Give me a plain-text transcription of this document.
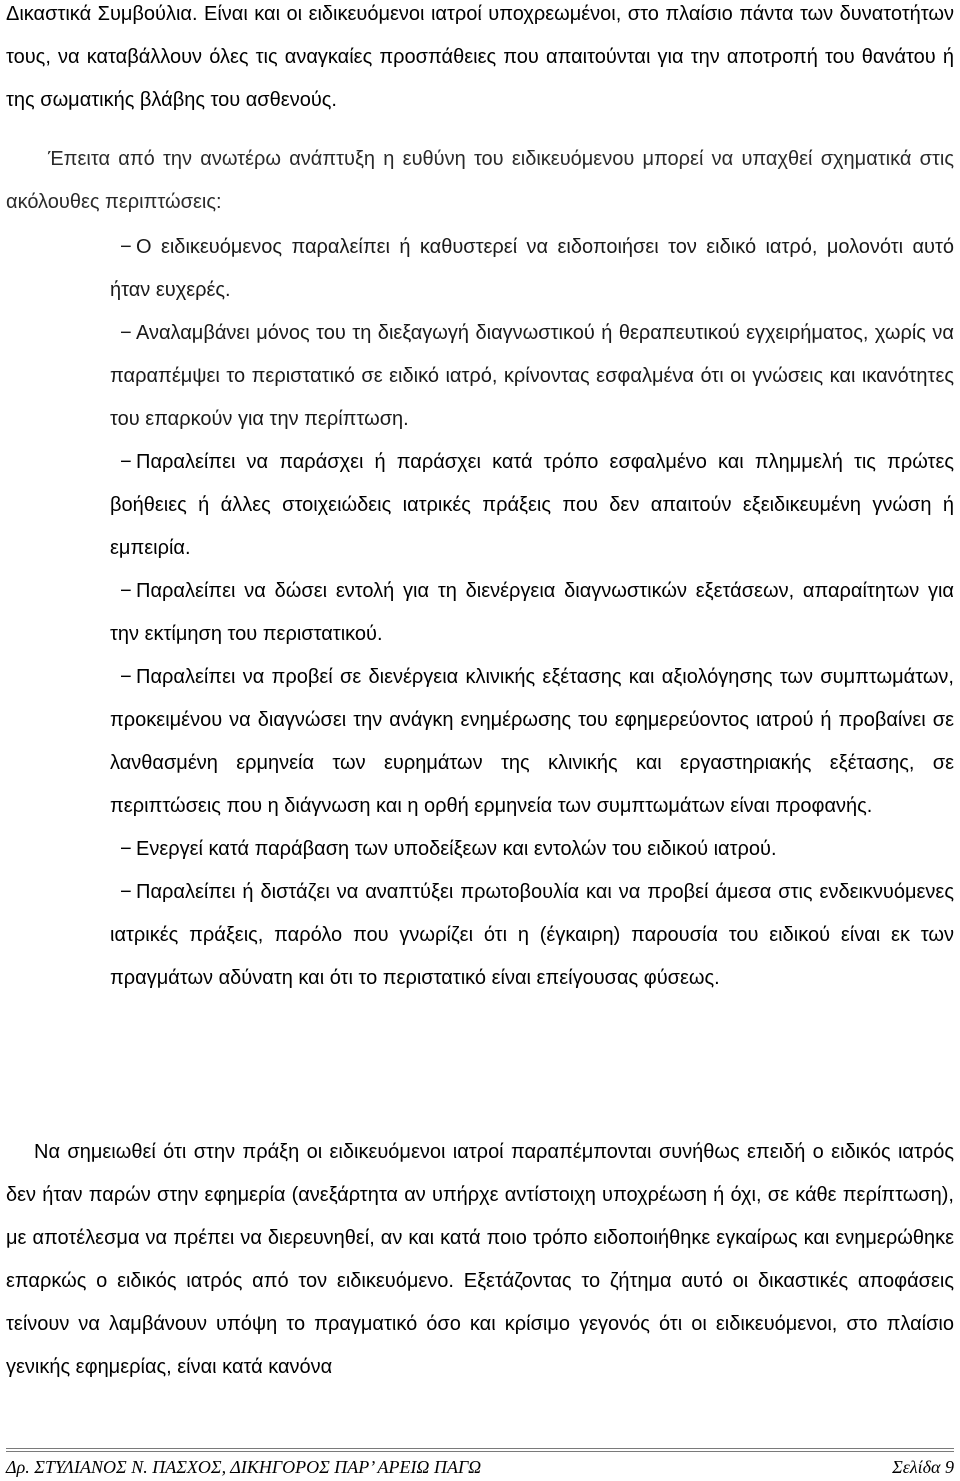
Δικαστικά Συμβούλια. Είναι και οι ειδικευόμενοι ιατροί υποχρεωμένοι, στο πλαίσιο πάντα των δυνατοτήτων τους, να καταβάλλουν όλες τις αναγκαίες προσπάθειες που απαιτούνται για την αποτροπή του θανάτου ή της σωματικής βλάβης του ασθενούς.

Έπειτα από την ανωτέρω ανάπτυξη η ευθύνη του ειδικευόμενου μπορεί να υπαχθεί σχηματικά στις ακόλουθες περιπτώσεις:

− Ο ειδικευόμενος παραλείπει ή καθυστερεί να ειδοποιήσει τον ειδικό ιατρό, μολονότι αυτό ήταν ευχερές.
− Αναλαμβάνει μόνος του τη διεξαγωγή διαγνωστικού ή θεραπευτικού εγχειρήματος, χωρίς να παραπέμψει το περιστατικό σε ειδικό ιατρό, κρίνοντας εσφαλμένα ότι οι γνώσεις και ικανότητες του επαρκούν για την περίπτωση.
− Παραλείπει να παράσχει ή παράσχει κατά τρόπο εσφαλμένο και πλημμελή τις πρώτες βοήθειες ή άλλες στοιχειώδεις ιατρικές πράξεις που δεν απαιτούν εξειδικευμένη γνώση ή εμπειρία.
− Παραλείπει να δώσει εντολή για τη διενέργεια διαγνωστικών εξετάσεων, απαραίτητων για την εκτίμηση του περιστατικού.
− Παραλείπει να προβεί σε διενέργεια κλινικής εξέτασης και αξιολόγησης των συμπτωμάτων, προκειμένου να διαγνώσει την ανάγκη ενημέρωσης του εφημερεύοντος ιατρού ή προβαίνει σε λανθασμένη ερμηνεία των ευρημάτων της κλινικής και εργαστηριακής εξέτασης, σε περιπτώσεις που η διάγνωση και η ορθή ερμηνεία των συμπτωμάτων είναι προφανής.
− Ενεργεί κατά παράβαση των υποδείξεων και εντολών του ειδικού ιατρού.
− Παραλείπει ή διστάζει να αναπτύξει πρωτοβουλία και να προβεί άμεσα στις ενδεικνυόμενες ιατρικές πράξεις, παρόλο που γνωρίζει ότι η (έγκαιρη) παρουσία του ειδικού είναι εκ των πραγμάτων αδύνατη και ότι το περιστατικό είναι επείγουσας φύσεως.

Να σημειωθεί ότι στην πράξη οι ειδικευόμενοι ιατροί παραπέμπονται συνήθως επειδή ο ειδικός ιατρός δεν ήταν παρών στην εφημερία (ανεξάρτητα αν υπήρχε αντίστοιχη υποχρέωση ή όχι, σε κάθε περίπτωση), με αποτέλεσμα να πρέπει να διερευνηθεί, αν και κατά ποιο τρόπο ειδοποιήθηκε εγκαίρως και ενημερώθηκε επαρκώς ο ειδικός ιατρός από τον ειδικευόμενο. Εξετάζοντας το ζήτημα αυτό οι δικαστικές αποφάσεις τείνουν να λαμβάνουν υπόψη το πραγματικό όσο και κρίσιμο γεγονός ότι οι ειδικευόμενοι, στο πλαίσιο γενικής εφημερίας, είναι κατά κανόνα

Δρ. ΣΤΥΛΙΑΝΟΣ Ν. ΠΑΣΧΟΣ, ΔΙΚΗΓΟΡΟΣ ΠΑΡ’ ΑΡΕΙΩ ΠΑΓΩ	Σελίδα 9
